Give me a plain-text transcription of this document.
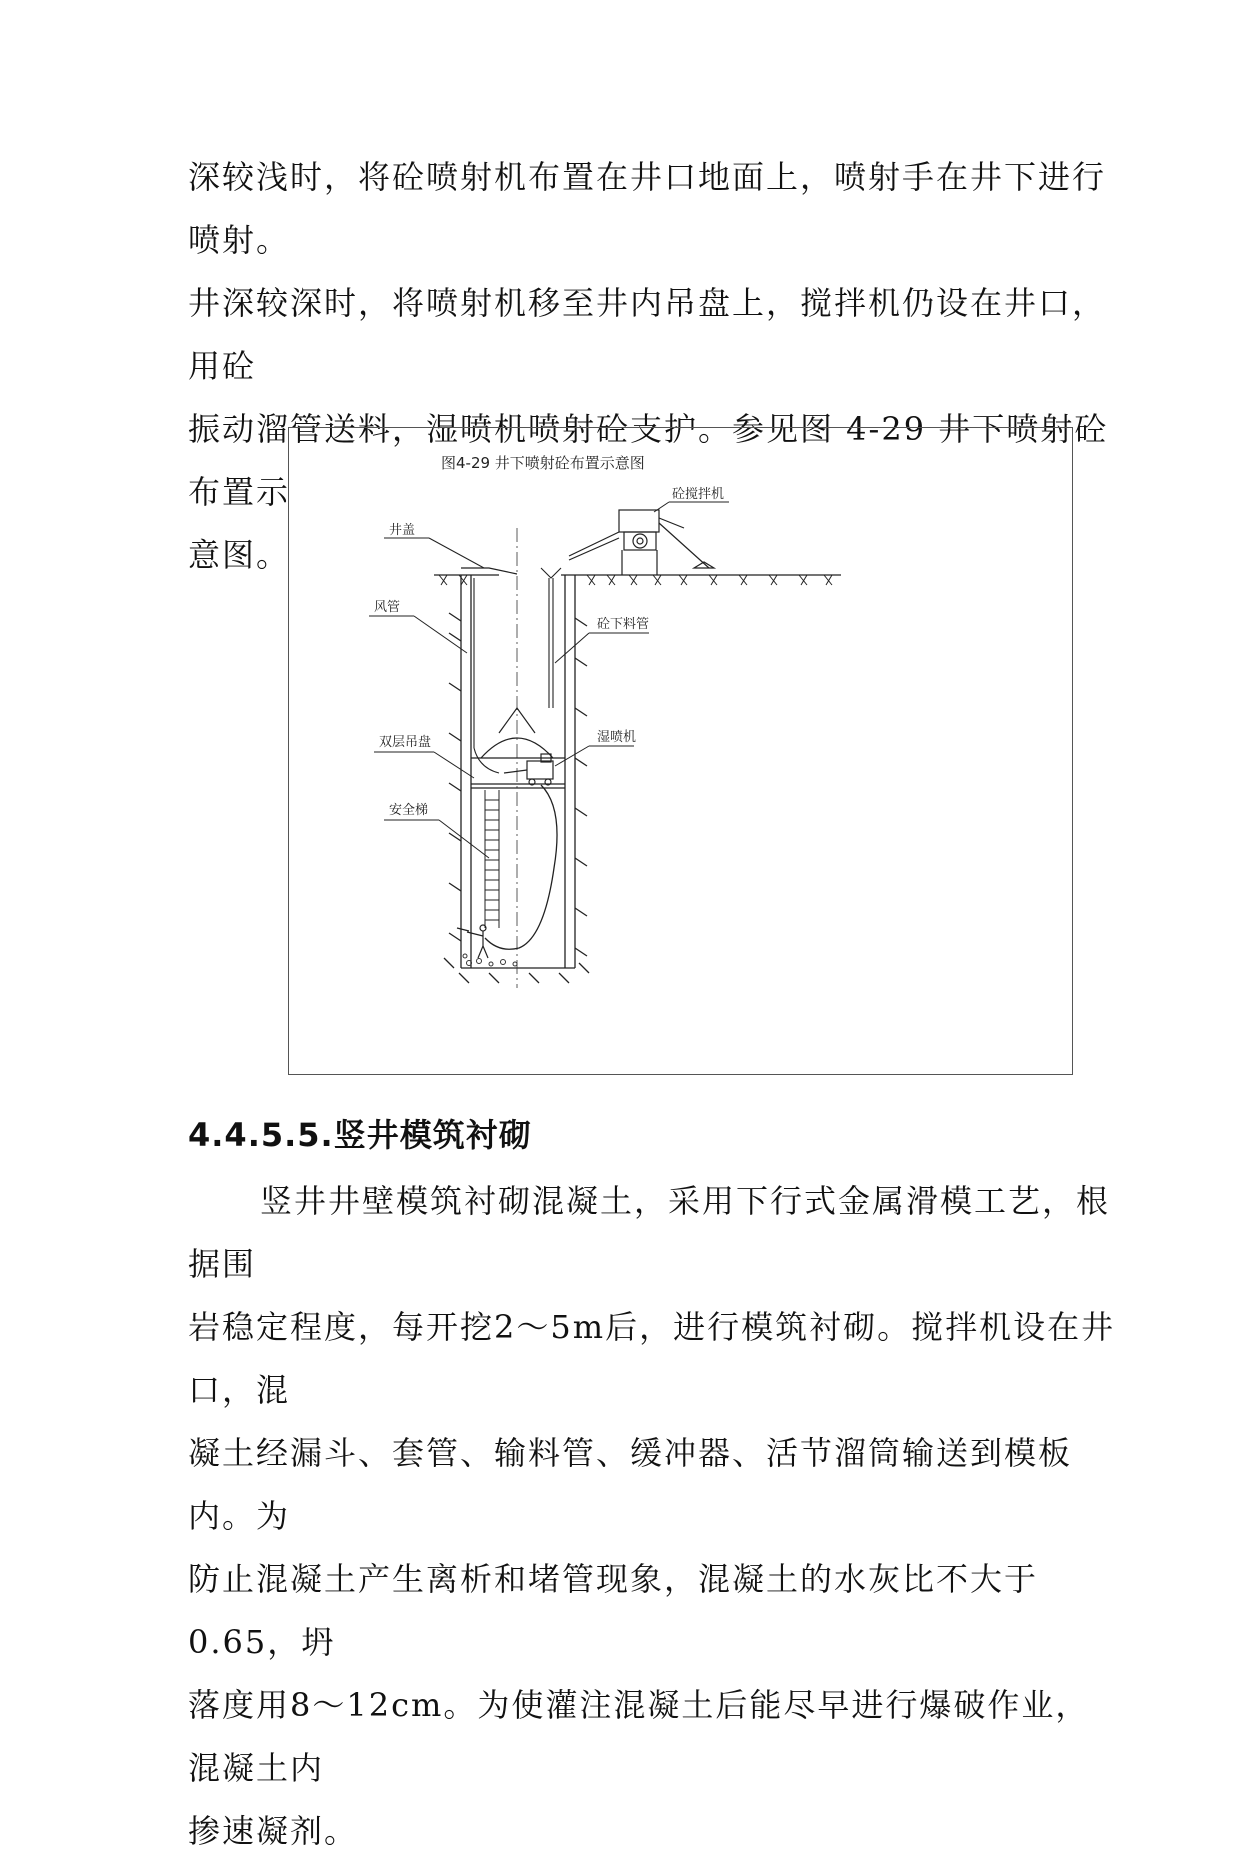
深较浅时，将砼喷射机布置在井口地面上，喷射手在井下进行喷射。

井深较深时，将喷射机移至井内吊盘上，搅拌机仍设在井口，用砼

振动溜管送料，湿喷机喷射砼支护。参见图 4-29 井下喷射砼布置示

意图。

图4-29 井下喷射砼布置示意图
砼搅拌机
井盖
砼下料管
风管
双层吊盘	湿喷机
安全梯
4.4.5.5.竖井模筑衬砌

竖井井壁模筑衬砌混凝土，采用下行式金属滑模工艺，根据围

岩稳定程度，每开挖2～5m后，进行模筑衬砌。搅拌机设在井口，混

凝土经漏斗、套管、输料管、缓冲器、活节溜筒输送到模板内。为

防止混凝土产生离析和堵管现象，混凝土的水灰比不大于0.65，坍

落度用8～12cm。为使灌注混凝土后能尽早进行爆破作业，混凝土内

掺速凝剂。
